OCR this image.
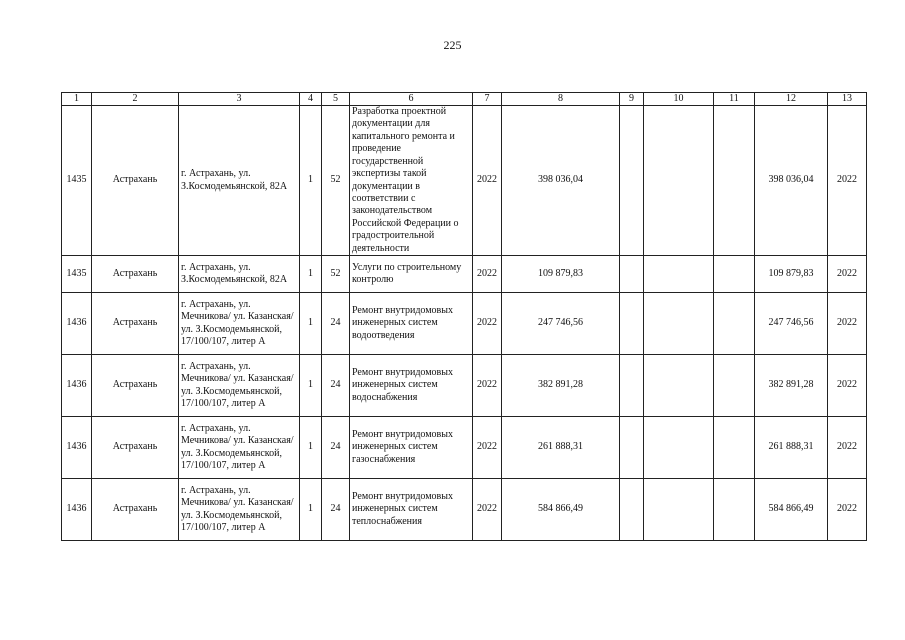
225
1	2	3	4	5	6	7	8	9	10	11	12	13
1435	Астрахань	г. Астрахань, ул. З.Космодемьянской, 82А	1	52	Разработка проектной документации для капитального ремонта и проведение государственной экспертизы такой документации в соответствии с законодательством Российской Федерации о градостроительной деятельности	2022	398 036,04				398 036,04	2022
1435	Астрахань	г. Астрахань, ул. З.Космодемьянской, 82А	1	52	Услуги по строительному контролю	2022	109 879,83				109 879,83	2022
1436	Астрахань	г. Астрахань, ул. Мечникова/ ул. Казанская/ ул. З.Космодемьянской, 17/100/107, литер А	1	24	Ремонт внутридомовых инженерных систем водоотведения	2022	247 746,56				247 746,56	2022
1436	Астрахань	г. Астрахань, ул. Мечникова/ ул. Казанская/ ул. З.Космодемьянской, 17/100/107, литер А	1	24	Ремонт внутридомовых инженерных систем водоснабжения	2022	382 891,28				382 891,28	2022
1436	Астрахань	г. Астрахань, ул. Мечникова/ ул. Казанская/ ул. З.Космодемьянской, 17/100/107, литер А	1	24	Ремонт внутридомовых инженерных систем газоснабжения	2022	261 888,31				261 888,31	2022
1436	Астрахань	г. Астрахань, ул. Мечникова/ ул. Казанская/ ул. З.Космодемьянской, 17/100/107, литер А	1	24	Ремонт внутридомовых инженерных систем теплоснабжения	2022	584 866,49				584 866,49	2022
